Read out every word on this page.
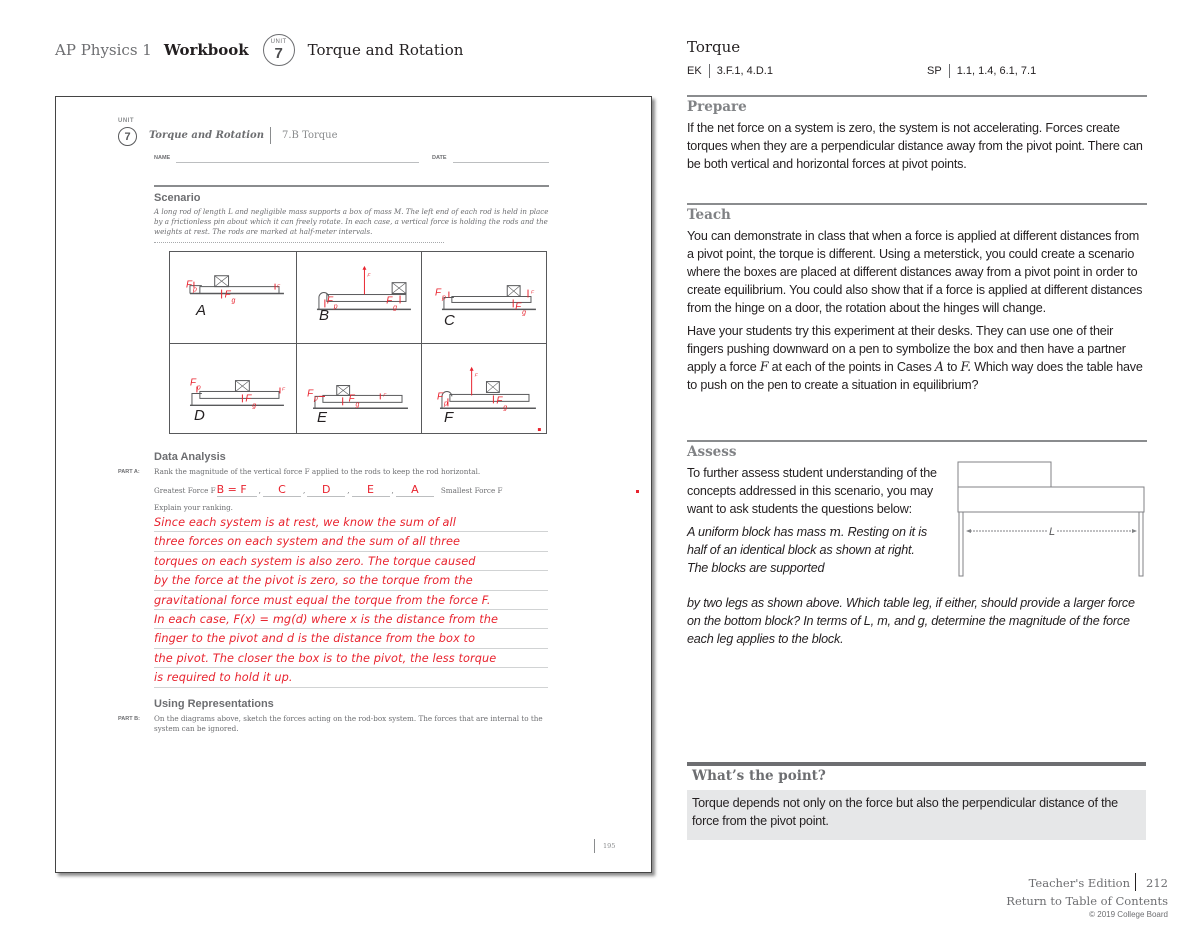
AP Physics 1 Workbook	UNIT
7 Torque and Rotation
UNIT
7	Torque and Rotation 7.B Torque
NAME	DATE
Scenario
A long rod of length L and negligible mass supports a box of mass M. The left end of each rod is held in place by a frictionless pin about which it can freely rotate. In each case, a vertical force is holding the rods and the weights at rest. The rods are marked at half-meter intervals.
F p	F
g
F
A
F
F
p
F
g
B
F p
F
g
F
C
F p
F
g
F
D
F p	F
g
F
E
F
F
p	F
g
F
Data Analysis
PART A: Rank the magnitude of the vertical force F applied to the rods to keep the rod horizontal.
Greatest Force F B = F	,	C	,	D	,	E	,	A	Smallest Force F
Explain your ranking.
Since each system is at rest, we know the sum of all
three forces on each system and the sum of all three
torques on each system is also zero. The torque caused
by the force at the pivot is zero, so the torque from the
gravitational force must equal the torque from the force F.
In each case, F(x) = mg(d) where x is the distance from the
finger to the pivot and d is the distance from the box to
the pivot. The closer the box is to the pivot, the less torque
is required to hold it up.
Using Representations
PART B: On the diagrams above, sketch the forces acting on the rod-box system. The forces that are internal to the system can be ignored.
195
Torque
EK 3.F.1, 4.D.1	SP 1.1, 1.4, 6.1, 7.1
Prepare

If the net force on a system is zero, the system is not accelerating. Forces create torques when they are a perpendicular distance away from the pivot point. There can be both vertical and horizontal forces at pivot points.

Teach

You can demonstrate in class that when a force is applied at different distances from a pivot point, the torque is different. Using a meterstick, you could create a scenario where the boxes are placed at different distances away from a pivot point in order to create equilibrium. You could also show that if a force is applied at different distances from the hinge on a door, the rotation about the hinges will change.

Have your students try this experiment at their desks. They can use one of their fingers pushing downward on a pen to symbolize the box and then have a partner apply a force F at each of the points in Cases A to F. Which way does the table have to push on the pen to create a situation in equilibrium?

Assess

To further assess student understanding of the concepts addressed in this scenario, you may want to ask students the questions below:

A uniform block has mass m. Resting on it is half of an identical block as shown at right. The blocks are supported

by two legs as shown above. Which table leg, if either, should provide a larger force on the bottom block? In terms of L, m, and g, determine the magnitude of the force each leg applies to the block.

L
What’s the point?

Torque depends not only on the force but also the perpendicular distance of the force from the pivot point.

Teacher's Edition 212
Return to Table of Contents
© 2019 College Board
